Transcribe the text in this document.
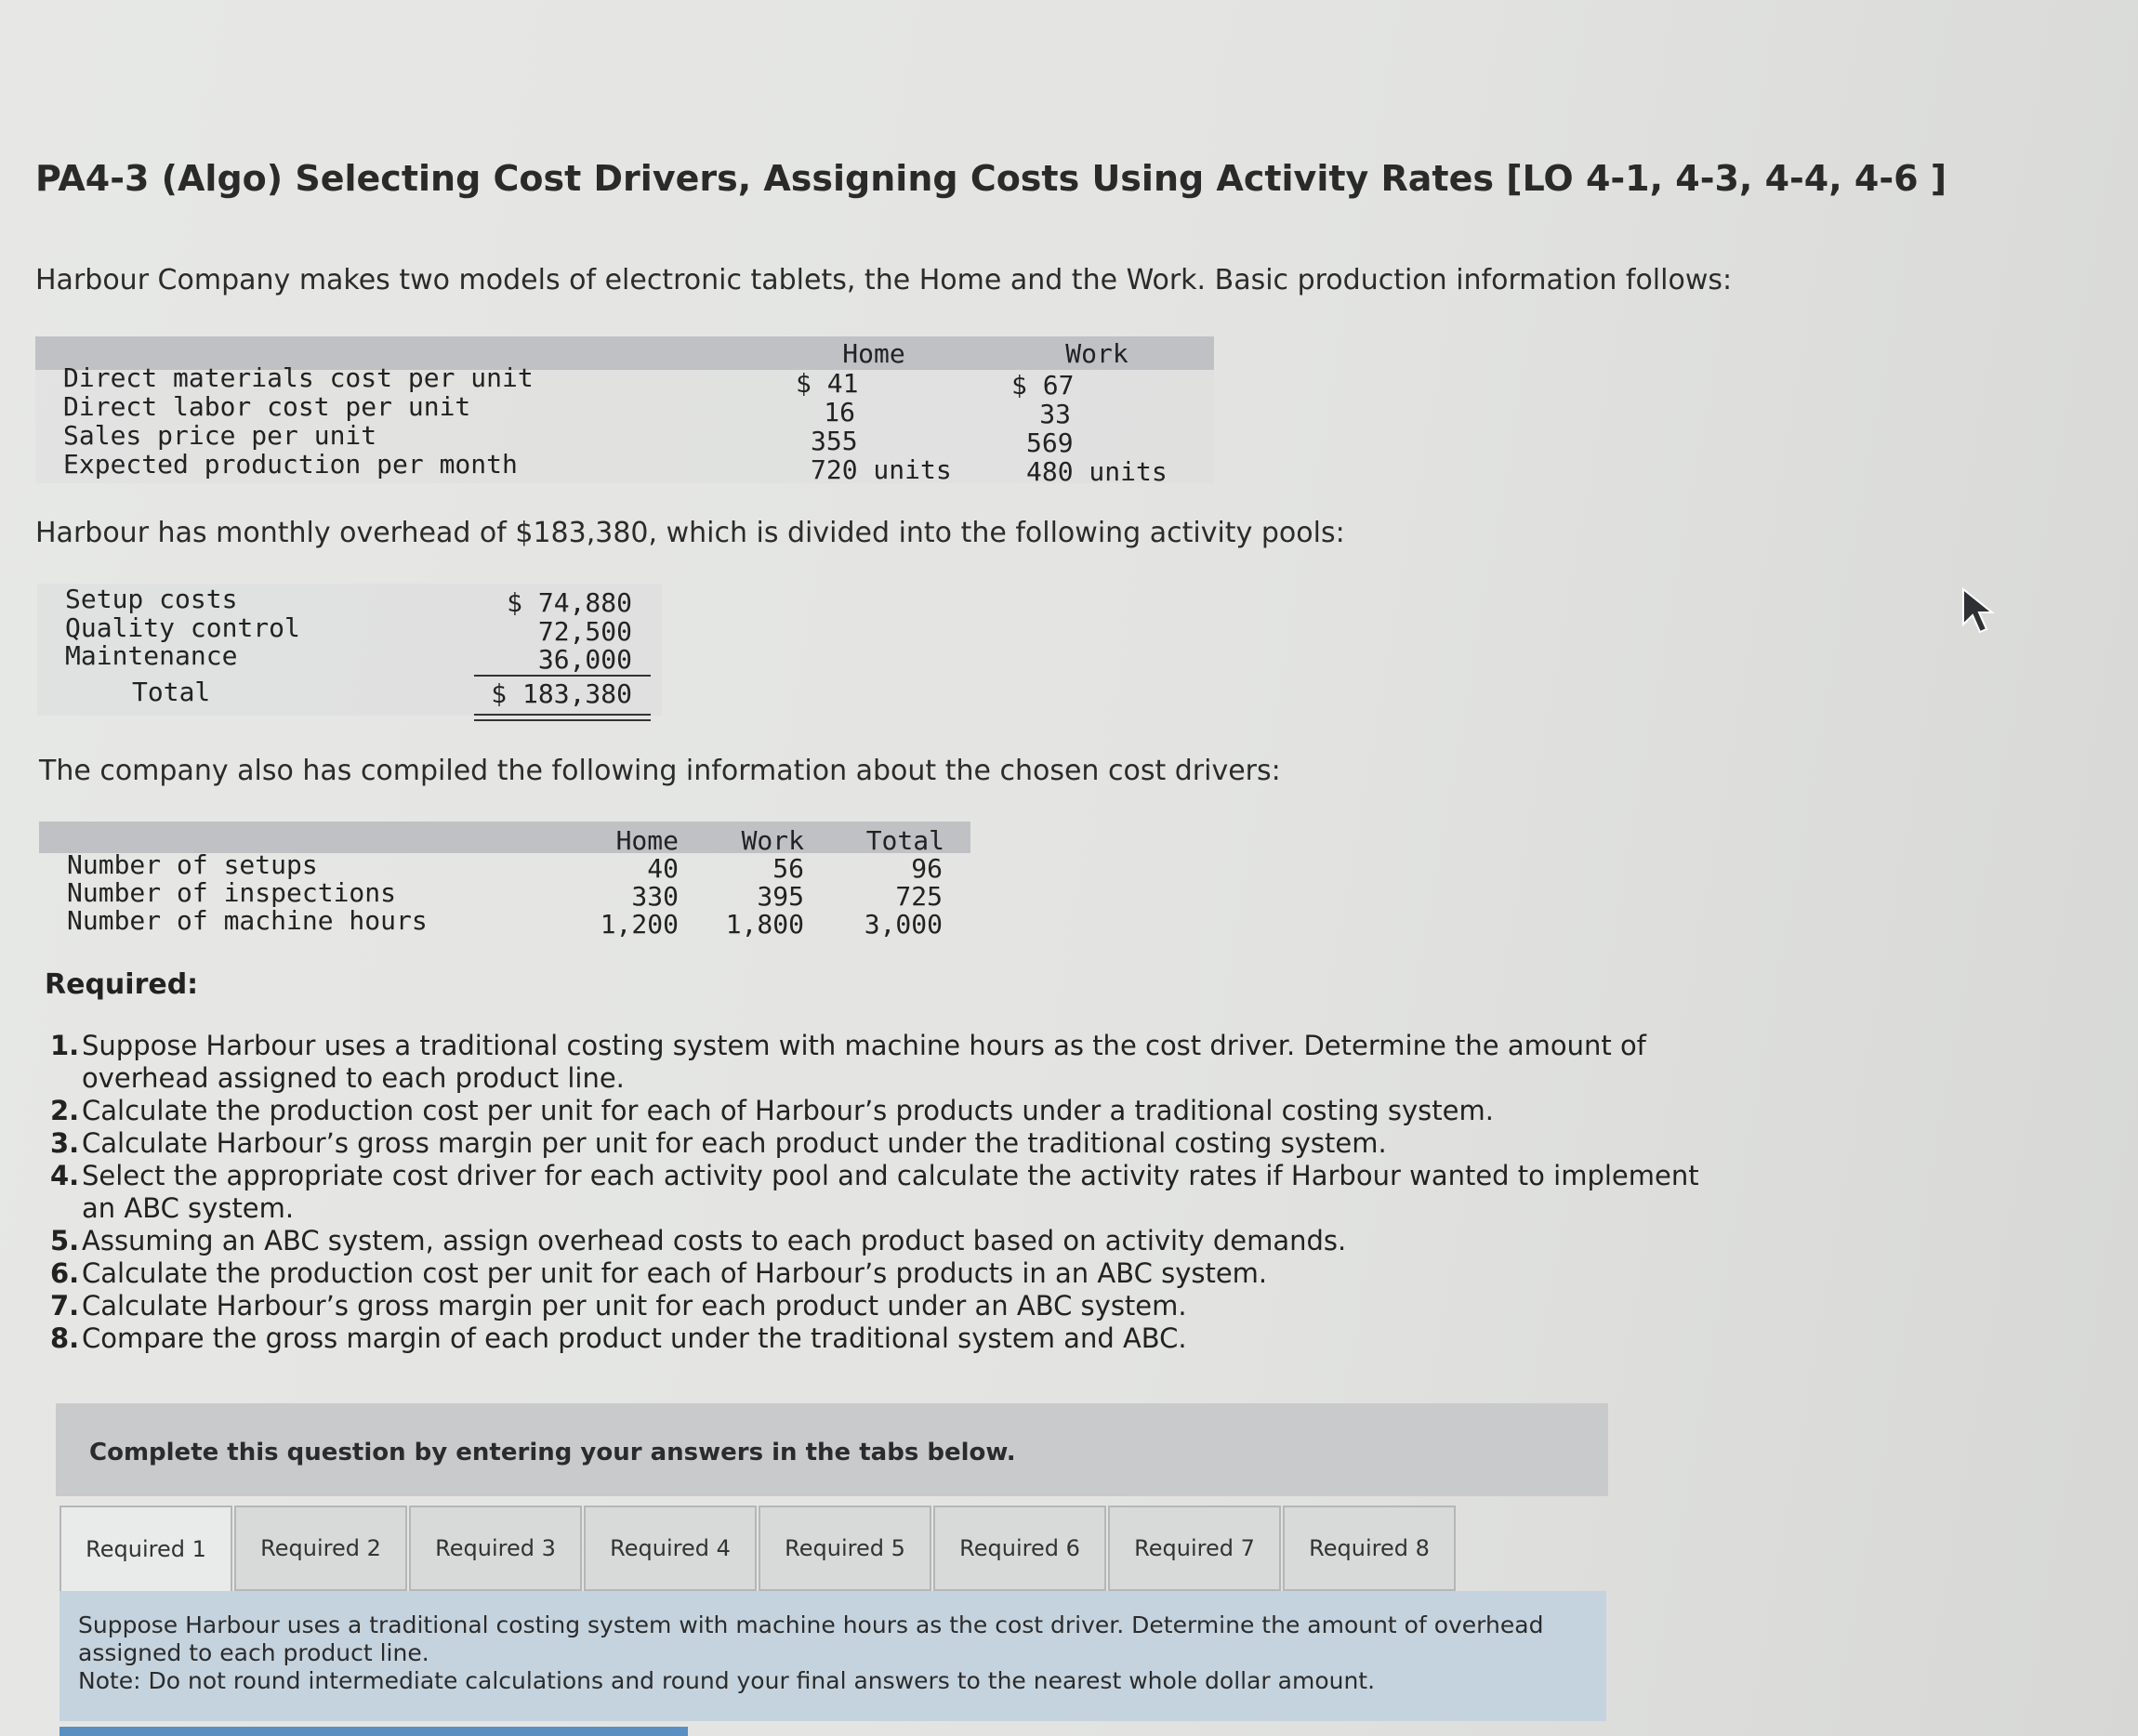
PA4-3 (Algo) Selecting Cost Drivers, Assigning Costs Using Activity Rates [LO 4-1, 4-3, 4-4, 4-6 ]

Harbour Company makes two models of electronic tablets, the Home and the Work. Basic production information follows:

Home	Work
Direct materials cost per unit	$ 41	$ 67
Direct labor cost per unit	16	33
Sales price per unit	355	569
Expected production per month	720 units	480 units

Harbour has monthly overhead of $183,380, which is divided into the following activity pools:

Setup costs	$ 74,880
Quality control	72,500
Maintenance	36,000
Total	$ 183,380

The company also has compiled the following information about the chosen cost drivers:

Home	Work	Total
Number of setups	40	56	96
Number of inspections	330	395	725
Number of machine hours	1,200	1,800	3,000

Required:

1. Suppose Harbour uses a traditional costing system with machine hours as the cost driver. Determine the amount of overhead assigned to each product line.
2. Calculate the production cost per unit for each of Harbour’s products under a traditional costing system.
3. Calculate Harbour’s gross margin per unit for each product under the traditional costing system.
4. Select the appropriate cost driver for each activity pool and calculate the activity rates if Harbour wanted to implement an ABC system.
5. Assuming an ABC system, assign overhead costs to each product based on activity demands.
6. Calculate the production cost per unit for each of Harbour’s products in an ABC system.
7. Calculate Harbour’s gross margin per unit for each product under an ABC system.
8. Compare the gross margin of each product under the traditional system and ABC.
Complete this question by entering your answers in the tabs below.
Required 1	Required 2	Required 3	Required 4	Required 5	Required 6	Required 7	Required 8
Suppose Harbour uses a traditional costing system with machine hours as the cost driver. Determine the amount of overhead assigned to each product line.
Note: Do not round intermediate calculations and round your final answers to the nearest whole dollar amount.
